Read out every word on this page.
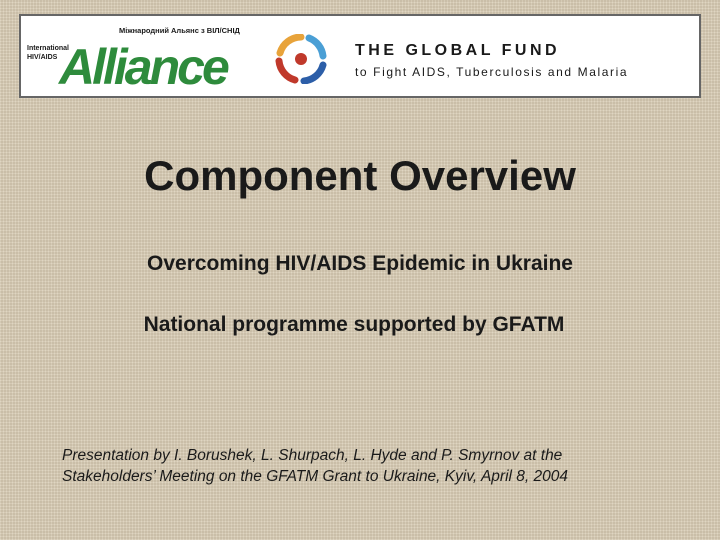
International
HIV/AIDS
Міжнародний Альянс з ВІЛ/СНІД
Alliance	THE GLOBAL FUND
to Fight AIDS, Tuberculosis and Malaria
Component Overview
Overcoming HIV/AIDS Epidemic in Ukraine
National programme supported by GFATM
Presentation by I. Borushek, L. Shurpach, L. Hyde and P. Smyrnov at the
Stakeholders’ Meeting on the GFATM Grant to Ukraine, Kyiv, April 8, 2004
